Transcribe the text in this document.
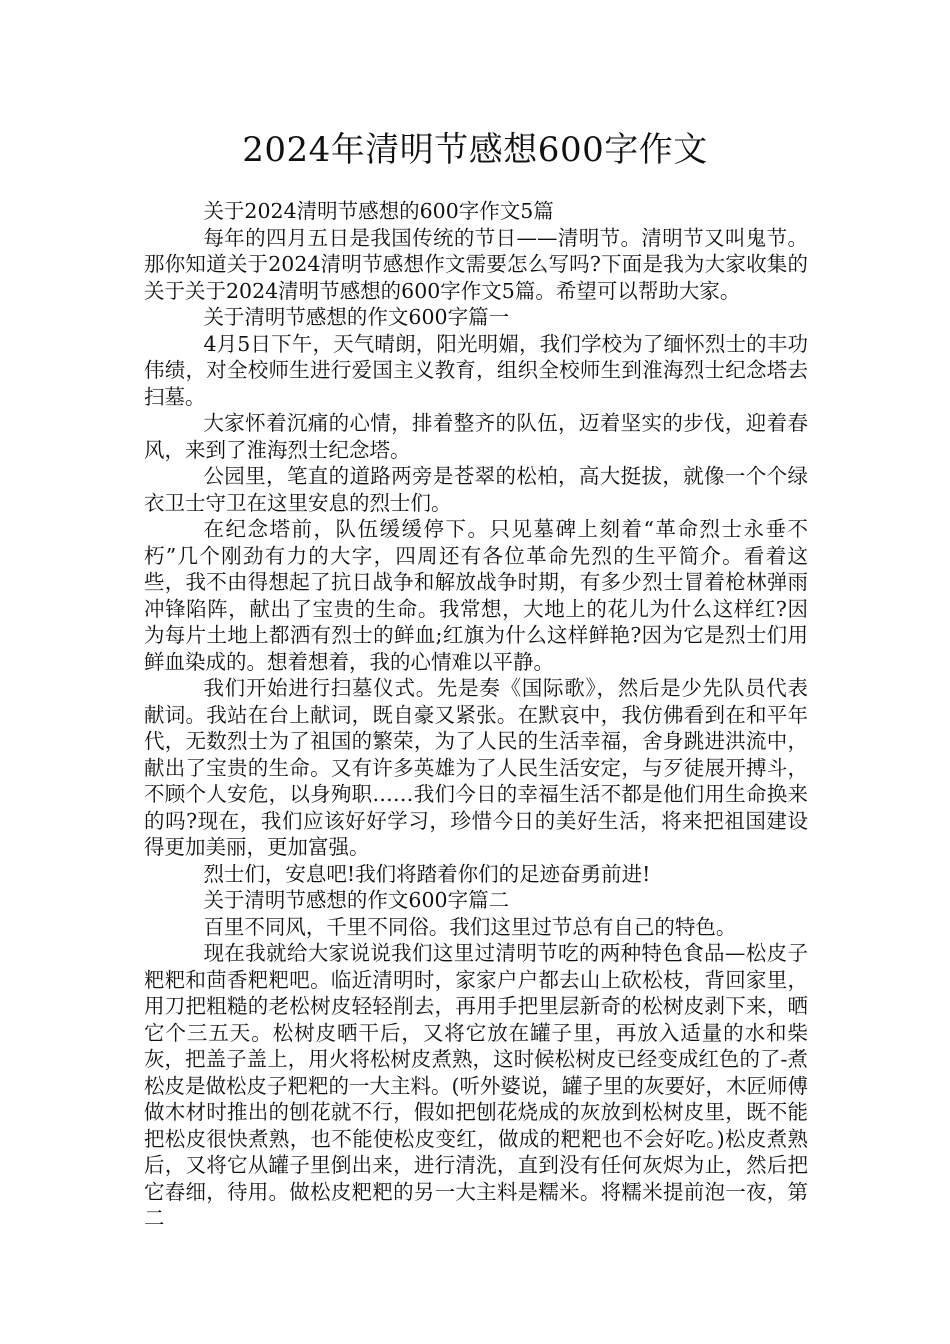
2024年清明节感想600字作文

关于2024清明节感想的600字作文5篇

每年的四月五日是我国传统的节日——清明节。清明节又叫鬼节。那你知道关于2024清明节感想作文需要怎么写吗?下面是我为大家收集的关于关于2024清明节感想的600字作文5篇。希望可以帮助大家。

关于清明节感想的作文600字篇一

4月5日下午，天气晴朗，阳光明媚，我们学校为了缅怀烈士的丰功伟绩，对全校师生进行爱国主义教育，组织全校师生到淮海烈士纪念塔去扫墓。

大家怀着沉痛的心情，排着整齐的队伍，迈着坚实的步伐，迎着春风，来到了淮海烈士纪念塔。

公园里，笔直的道路两旁是苍翠的松柏，高大挺拔，就像一个个绿衣卫士守卫在这里安息的烈士们。

在纪念塔前，队伍缓缓停下。只见墓碑上刻着“革命烈士永垂不朽”几个刚劲有力的大字，四周还有各位革命先烈的生平简介。看着这些，我不由得想起了抗日战争和解放战争时期，有多少烈士冒着枪林弹雨冲锋陷阵，献出了宝贵的生命。我常想，大地上的花儿为什么这样红?因为每片土地上都洒有烈士的鲜血;红旗为什么这样鲜艳?因为它是烈士们用鲜血染成的。想着想着，我的心情难以平静。

我们开始进行扫墓仪式。先是奏《国际歌》，然后是少先队员代表献词。我站在台上献词，既自豪又紧张。在默哀中，我仿佛看到在和平年代，无数烈士为了祖国的繁荣，为了人民的生活幸福，舍身跳进洪流中，献出了宝贵的生命。又有许多英雄为了人民生活安定，与歹徒展开搏斗，不顾个人安危，以身殉职……我们今日的幸福生活不都是他们用生命换来的吗?现在，我们应该好好学习，珍惜今日的美好生活，将来把祖国建设得更加美丽，更加富强。

烈士们，安息吧!我们将踏着你们的足迹奋勇前进!

关于清明节感想的作文600字篇二

百里不同风，千里不同俗。我们这里过节总有自己的特色。

现在我就给大家说说我们这里过清明节吃的两种特色食品—松皮子粑粑和茴香粑粑吧。临近清明时，家家户户都去山上砍松枝，背回家里，用刀把粗糙的老松树皮轻轻削去，再用手把里层新奇的松树皮剥下来，晒它个三五天。松树皮晒干后，又将它放在罐子里，再放入适量的水和柴灰，把盖子盖上，用火将松树皮煮熟，这时候松树皮已经变成红色的了-煮松皮是做松皮子粑粑的一大主料。(听外婆说，罐子里的灰要好，木匠师傅做木材时推出的刨花就不行，假如把刨花烧成的灰放到松树皮里，既不能把松皮很快煮熟，也不能使松皮变红，做成的粑粑也不会好吃。)松皮煮熟后，又将它从罐子里倒出来，进行清洗，直到没有任何灰烬为止，然后把它舂细，待用。做松皮粑粑的另一大主料是糯米。将糯米提前泡一夜，第二
